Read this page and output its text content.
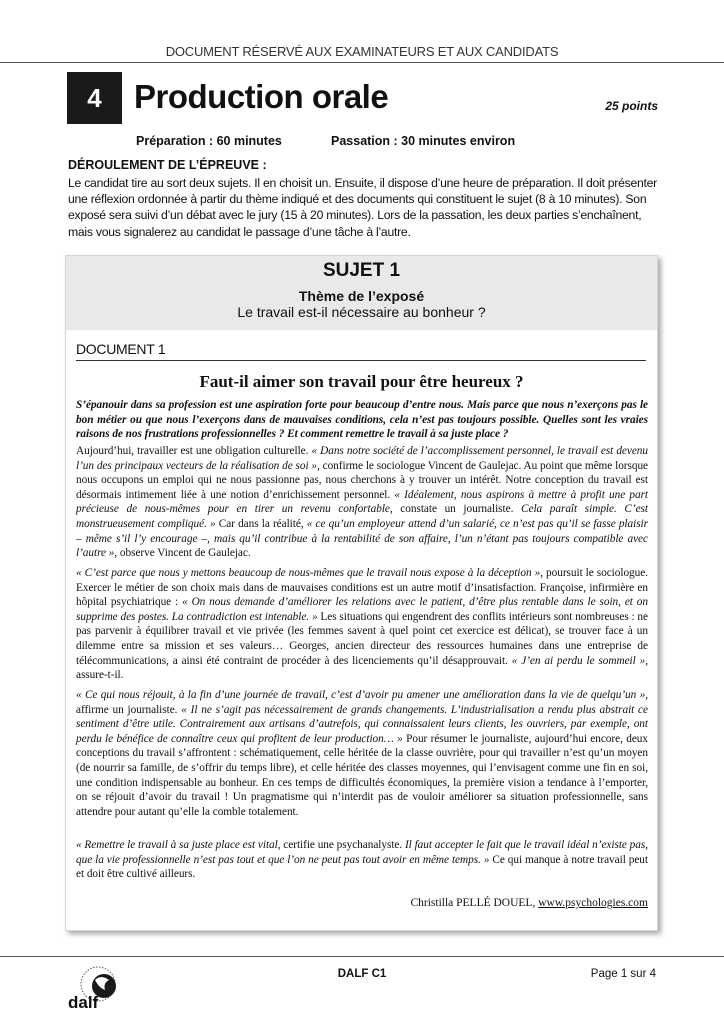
DOCUMENT RÉSERVÉ AUX EXAMINATEURS ET AUX CANDIDATS
4 Production orale	25 points
Préparation : 60 minutes	Passation : 30 minutes environ
DÉROULEMENT DE L’ÉPREUVE :
Le candidat tire au sort deux sujets. Il en choisit un. Ensuite, il dispose d’une heure de préparation. Il doit présenter une réflexion ordonnée à partir du thème indiqué et des documents qui constituent le sujet (8 à 10 minutes). Son exposé sera suivi d’un débat avec le jury (15 à 20 minutes). Lors de la passation, les deux parties s’enchaînent, mais vous signalerez au candidat le passage d’une tâche à l’autre.
SUJET 1
Thème de l’exposé
Le travail est-il nécessaire au bonheur ?
DOCUMENT 1
Faut-il aimer son travail pour être heureux ?
S’épanouir dans sa profession est une aspiration forte pour beaucoup d’entre nous. Mais parce que nous n’exerçons pas le bon métier ou que nous l’exerçons dans de mauvaises conditions, cela n’est pas toujours possible. Quelles sont les vraies raisons de nos frustrations professionnelles ? Et comment remettre le travail à sa juste place ?
Aujourd’hui, travailler est une obligation culturelle. « Dans notre société de l’accomplissement personnel, le travail est devenu l’un des principaux vecteurs de la réalisation de soi », confirme le sociologue Vincent de Gaulejac. Au point que même lorsque nous occupons un emploi qui ne nous passionne pas, nous cherchons à y trouver un intérêt. Notre conception du travail est désormais intimement liée à une notion d’enrichissement personnel. « Idéalement, nous aspirons à mettre à profit une part précieuse de nous-mêmes pour en tirer un revenu confortable, constate un journaliste. Cela paraît simple. C’est monstrueusement compliqué. » Car dans la réalité, « ce qu’un employeur attend d’un salarié, ce n’est pas qu’il se fasse plaisir – même s’il l’y encourage –, mais qu’il contribue à la rentabilité de son affaire, l’un n’étant pas toujours compatible avec l’autre », observe Vincent de Gaulejac.
« C’est parce que nous y mettons beaucoup de nous-mêmes que le travail nous expose à la déception », poursuit le sociologue. Exercer le métier de son choix mais dans de mauvaises conditions est un autre motif d’insatisfaction. Françoise, infirmière en hôpital psychiatrique : « On nous demande d’améliorer les relations avec le patient, d’être plus rentable dans le soin, et on supprime des postes. La contradiction est intenable. » Les situations qui engendrent des conflits intérieurs sont nombreuses : ne pas parvenir à équilibrer travail et vie privée (les femmes savent à quel point cet exercice est délicat), se trouver face à un dilemme entre sa mission et ses valeurs… Georges, ancien directeur des ressources humaines dans une entreprise de télécommunications, a ainsi été contraint de procéder à des licenciements qu’il désapprouvait. « J’en ai perdu le sommeil », assure-t-il.
« Ce qui nous réjouit, à la fin d’une journée de travail, c’est d’avoir pu amener une amélioration dans la vie de quelqu’un », affirme un journaliste. « Il ne s’agit pas nécessairement de grands changements. L’industrialisation a rendu plus abstrait ce sentiment d’être utile. Contrairement aux artisans d’autrefois, qui connaissaient leurs clients, les ouvriers, par exemple, ont perdu le bénéfice de connaître ceux qui profitent de leur production… » Pour résumer le journaliste, aujourd’hui encore, deux conceptions du travail s’affrontent : schématiquement, celle héritée de la classe ouvrière, pour qui travailler n’est qu’un moyen (de nourrir sa famille, de s’offrir du temps libre), et celle héritée des classes moyennes, qui l’envisagent comme une fin en soi, une condition indispensable au bonheur. En ces temps de difficultés économiques, la première vision a tendance à l’emporter, on se réjouit d’avoir du travail ! Un pragmatisme qui n’interdit pas de vouloir améliorer sa situation professionnelle, sans attendre pour autant qu’elle la comble totalement.
« Remettre le travail à sa juste place est vital, certifie une psychanalyste. Il faut accepter le fait que le travail idéal n’existe pas, que la vie professionnelle n’est pas tout et que l’on ne peut pas tout avoir en même temps. » Ce qui manque à notre travail peut et doit être cultivé ailleurs.
Christilla PELLÉ DOUEL, www.psychologies.com
dalf
DALF C1	Page 1 sur 4
